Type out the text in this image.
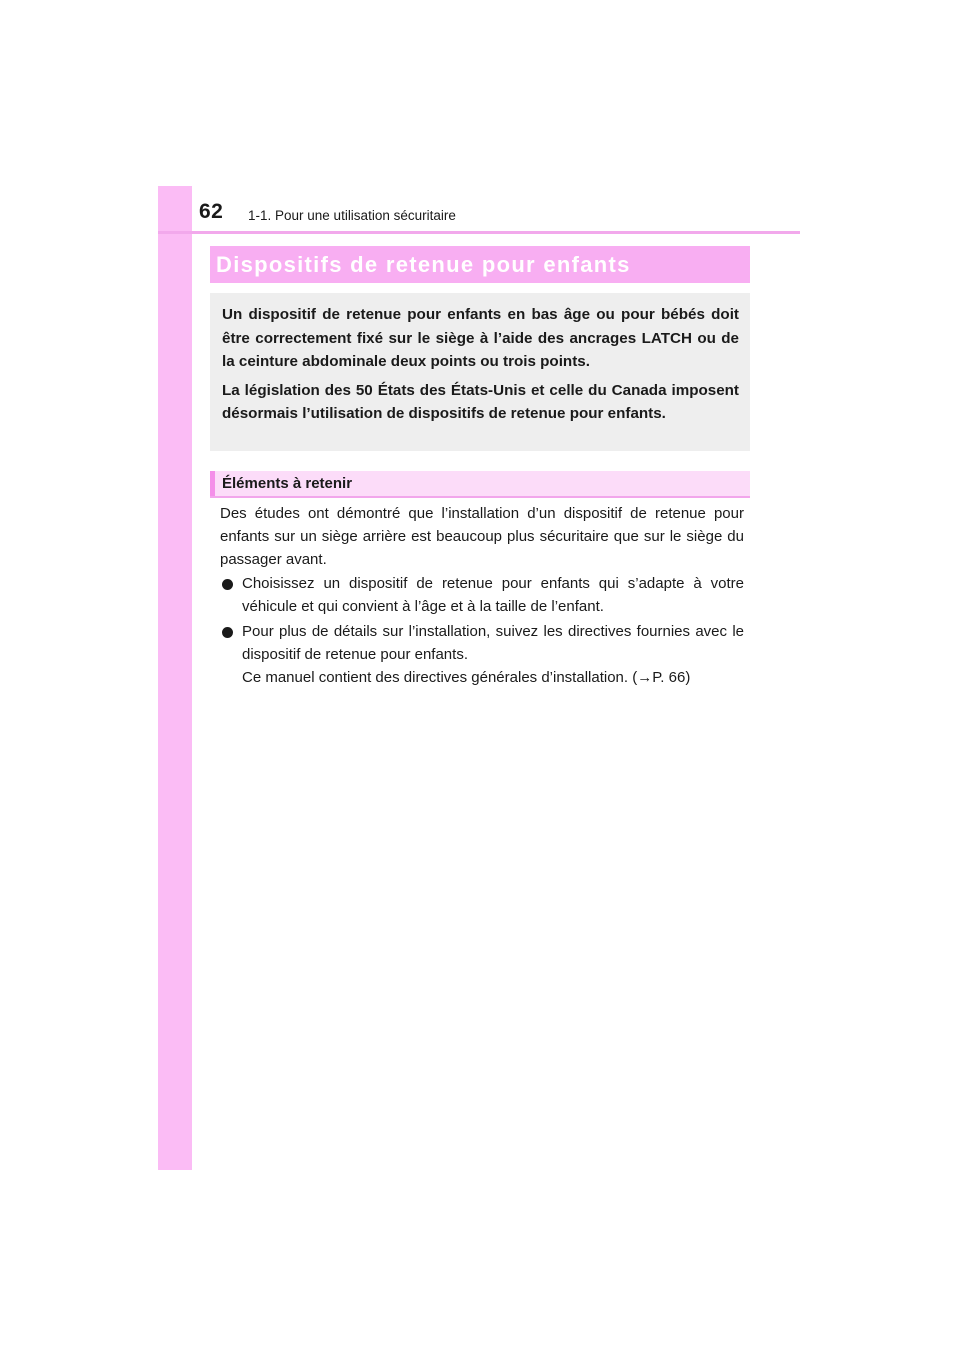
62 1-1. Pour une utilisation sécuritaire
Dispositifs de retenue pour enfants

Un dispositif de retenue pour enfants en bas âge ou pour bébés doit être correctement fixé sur le siège à l’aide des ancrages LATCH ou de la ceinture abdominale deux points ou trois points.

La législation des 50 États des États-Unis et celle du Canada imposent désormais l’utilisation de dispositifs de retenue pour enfants.

Éléments à retenir

Des études ont démontré que l’installation d’un dispositif de retenue pour enfants sur un siège arrière est beaucoup plus sécuritaire que sur le siège du passager avant.

Choisissez un dispositif de retenue pour enfants qui s’adapte à votre véhicule et qui convient à l’âge et à la taille de l’enfant.

Pour plus de détails sur l’installation, suivez les directives fournies avec le dispositif de retenue pour enfants.

Ce manuel contient des directives générales d’installation. (→P. 66)
